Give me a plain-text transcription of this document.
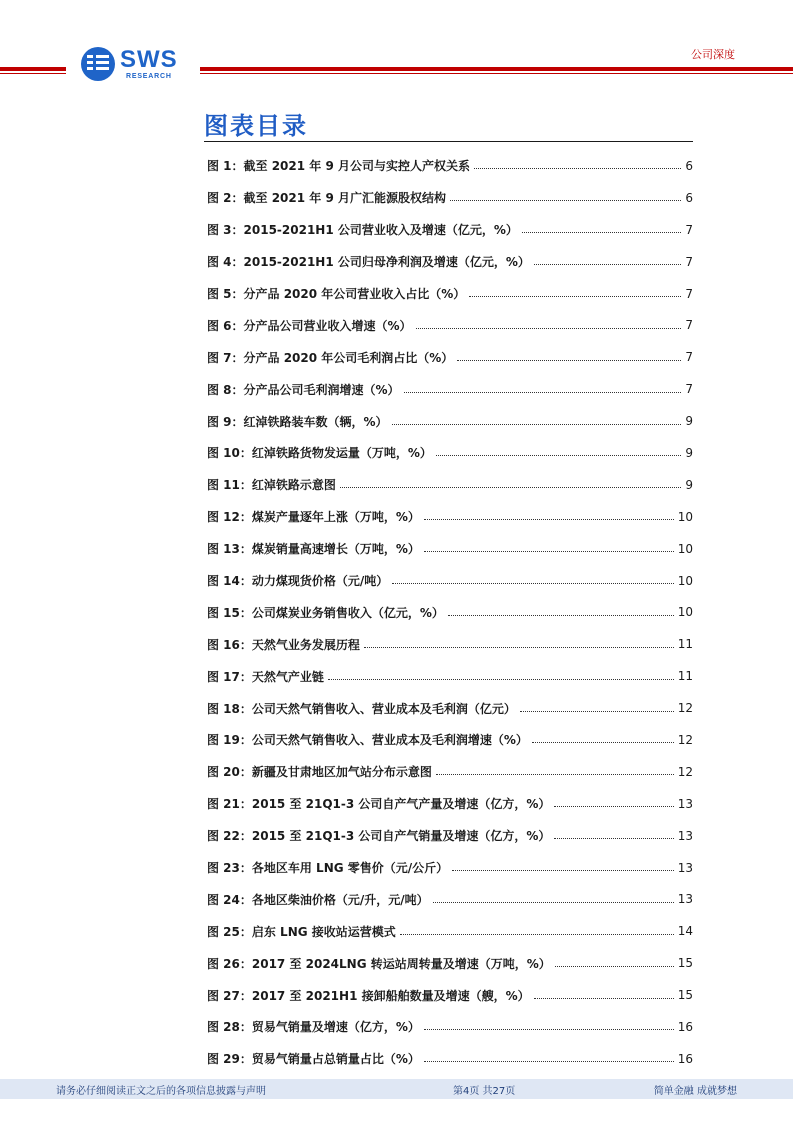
SWS
RESEARCH
公司深度
图表目录
图 1：截至 2021 年 9 月公司与实控人产权关系	6
图 2：截至 2021 年 9 月广汇能源股权结构	6
图 3：2015-2021H1 公司营业收入及增速（亿元，%）	7
图 4：2015-2021H1 公司归母净利润及增速（亿元，%）	7
图 5：分产品 2020 年公司营业收入占比（%）	7
图 6：分产品公司营业收入增速（%）	7
图 7：分产品 2020 年公司毛利润占比（%）	7
图 8：分产品公司毛利润增速（%）	7
图 9：红淖铁路装车数（辆，%）	9
图 10：红淖铁路货物发运量（万吨，%）	9
图 11：红淖铁路示意图	9
图 12：煤炭产量逐年上涨（万吨，%）	10
图 13：煤炭销量高速增长（万吨，%）	10
图 14：动力煤现货价格（元/吨）	10
图 15：公司煤炭业务销售收入（亿元，%）	10
图 16：天然气业务发展历程	11
图 17：天然气产业链	11
图 18：公司天然气销售收入、营业成本及毛利润（亿元）	12
图 19：公司天然气销售收入、营业成本及毛利润增速（%）	12
图 20：新疆及甘肃地区加气站分布示意图	12
图 21：2015 至 21Q1-3 公司自产气产量及增速（亿方，%）	13
图 22：2015 至 21Q1-3 公司自产气销量及增速（亿方，%）	13
图 23：各地区车用 LNG 零售价（元/公斤）	13
图 24：各地区柴油价格（元/升，元/吨）	13
图 25：启东 LNG 接收站运营模式	14
图 26：2017 至 2024LNG 转运站周转量及增速（万吨，%）	15
图 27：2017 至 2021H1 接卸船舶数量及增速（艘，%）	15
图 28：贸易气销量及增速（亿方，%）	16
图 29：贸易气销量占总销量占比（%）	16
请务必仔细阅读正文之后的各项信息披露与声明	第4页 共27页	简单金融 成就梦想
